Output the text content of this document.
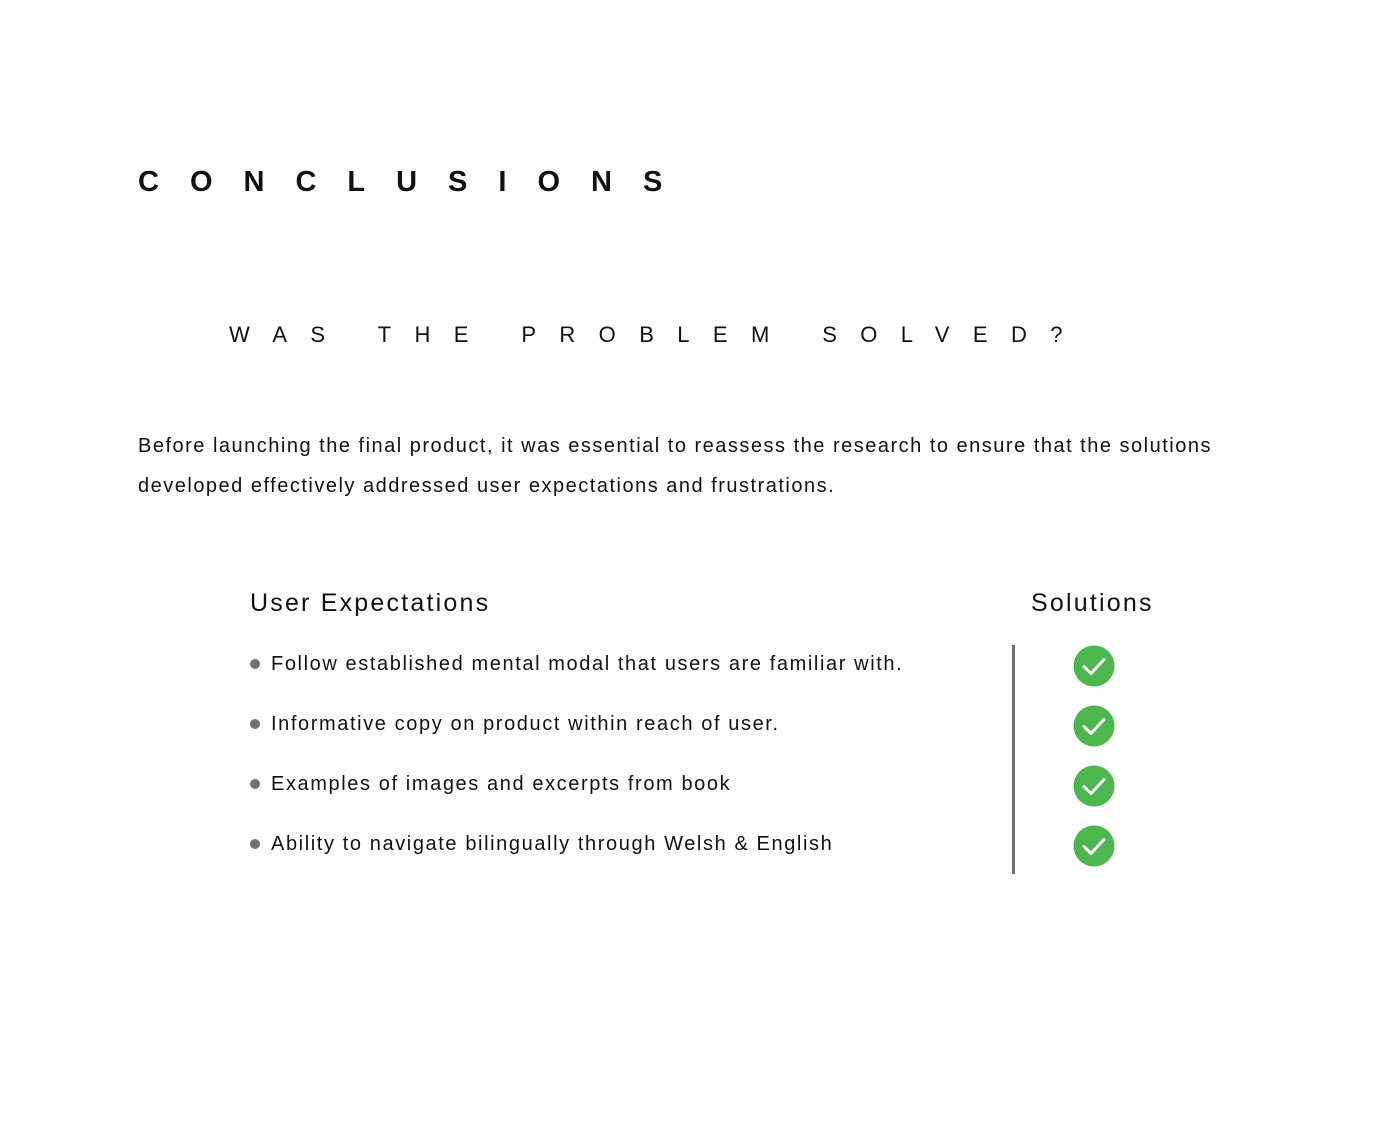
CONCLUSIONS
WAS THE PROBLEM SOLVED?

Before launching the final product, it was essential to reassess the research to ensure that the solutions developed effectively addressed user expectations and frustrations.

User Expectations	Solutions
Follow established mental modal that users are familiar with.
Informative copy on product within reach of user.
Examples of images and excerpts from book
Ability to navigate bilingually through Welsh & English
